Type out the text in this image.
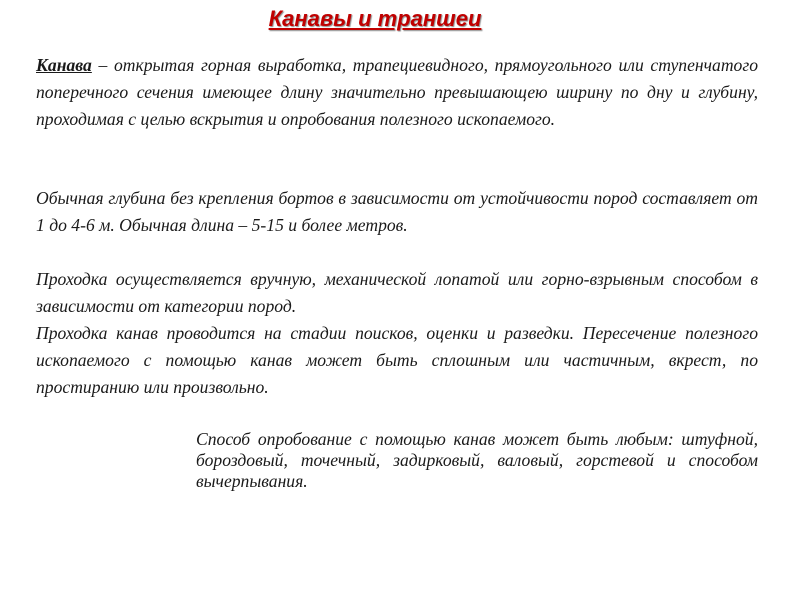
Канавы и траншеи

Канава – открытая горная выработка, трапециевидного, прямоугольного или ступенчатого поперечного сечения имеющее длину значительно превышающею ширину по дну и глубину, проходимая с целью вскрытия и опробования полезного ископаемого.

Обычная глубина без крепления бортов в зависимости от устойчивости пород составляет от 1 до 4-6 м. Обычная длина – 5-15 и более метров.

Проходка осуществляется вручную, механической лопатой или горно-взрывным способом в зависимости от категории пород.

Проходка канав проводится на стадии поисков, оценки и разведки. Пересечение полезного ископаемого с помощью канав может быть сплошным или частичным, вкрест, по простиранию или произвольно.

Способ опробование с помощью канав может быть любым: штуфной, бороздовый, точечный, задирковый, валовый, горстевой и способом вычерпывания.
